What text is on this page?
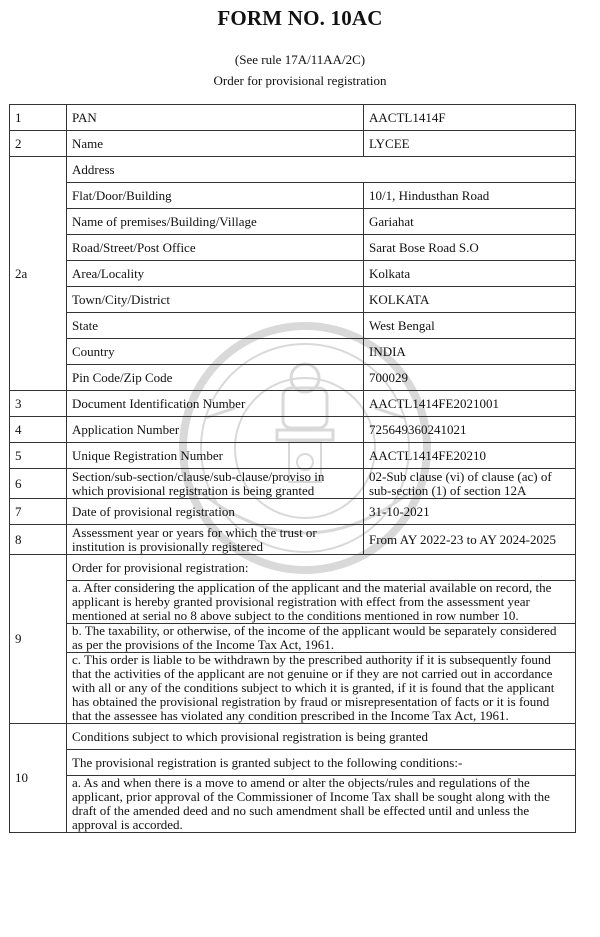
FORM NO. 10AC
(See rule 17A/11AA/2C)
Order for provisional registration
1	PAN	AACTL1414F
2	Name	LYCEE
2a	Address	
	Flat/Door/Building	10/1, Hindusthan Road
	Name of premises/Building/Village	Gariahat
	Road/Street/Post Office	Sarat Bose Road S.O
	Area/Locality	Kolkata
	Town/City/District	KOLKATA
	State	West Bengal
	Country	INDIA
	Pin Code/Zip Code	700029
3	Document Identification Number	AACTL1414FE2021001
4	Application Number	725649360241021
5	Unique Registration Number	AACTL1414FE20210
6	Section/sub-section/clause/sub-clause/proviso in which provisional registration is being granted	02-Sub clause (vi) of clause (ac) of sub-section (1) of section 12A
7	Date of provisional registration	31-10-2021
8	Assessment year or years for which the trust or institution is provisionally registered	From AY 2022-23 to AY 2024-2025
9	Order for provisional registration:	
	a. After considering the application of the applicant and the material available on record, the applicant is hereby granted provisional registration with effect from the assessment year mentioned at serial no 8 above subject to the conditions mentioned in row number 10.	
	b. The taxability, or otherwise, of the income of the applicant would be separately considered as per the provisions of the Income Tax Act, 1961.	
	c. This order is liable to be withdrawn by the prescribed authority if it is subsequently found that the activities of the applicant are not genuine or if they are not carried out in accordance with all or any of the conditions subject to which it is granted, if it is found that the applicant has obtained the provisional registration by fraud or misrepresentation of facts or it is found that the assessee has violated any condition prescribed in the Income Tax Act, 1961.	
10	Conditions subject to which provisional registration is being granted	
	The provisional registration is granted subject to the following conditions:-	
	a. As and when there is a move to amend or alter the objects/rules and regulations of the applicant, prior approval of the Commissioner of Income Tax shall be sought along with the draft of the amended deed and no such amendment shall be effected until and unless the approval is accorded.	
